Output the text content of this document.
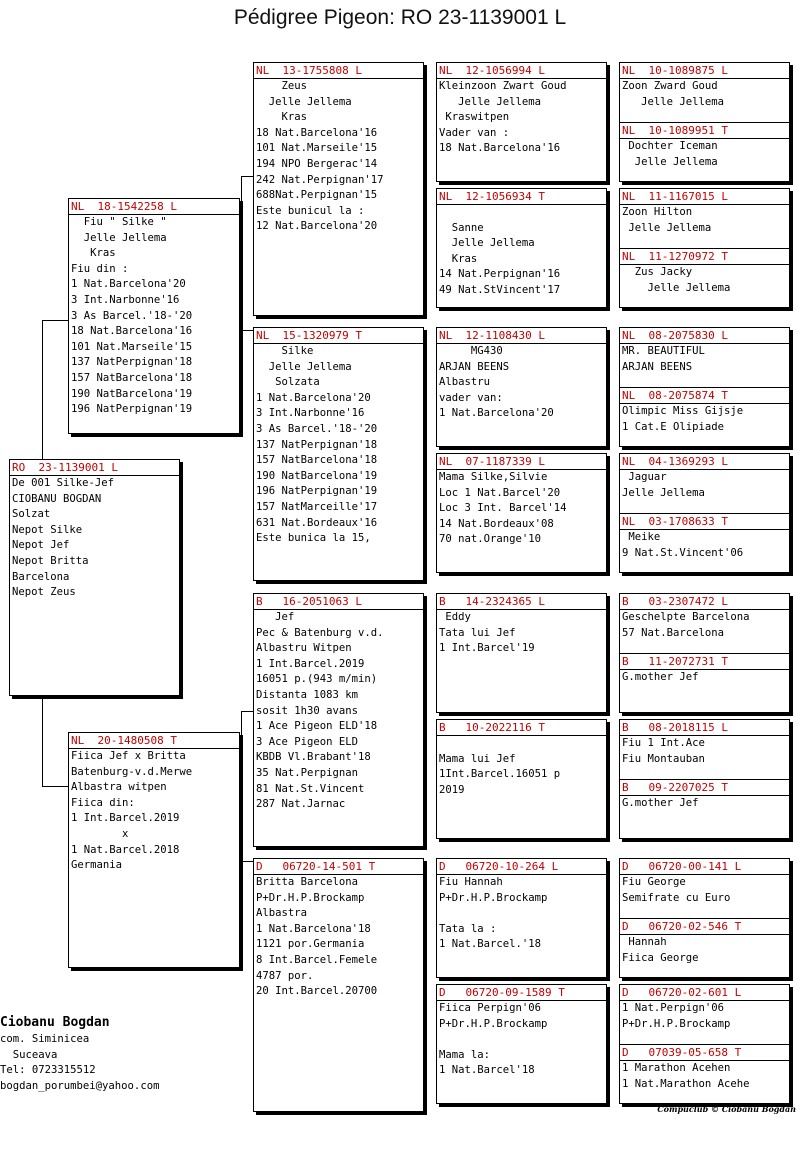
Pédigree Pigeon: RO 23-1139001 L
RO  23-1139001 L
De 001 Silke-Jef
CIOBANU BOGDAN
Solzat
Nepot Silke
Nepot Jef
Nepot Britta
Barcelona
Nepot Zeus
NL  18-1542258 L
Fiu " Silke "
Jelle Jellema
Kras
Fiu din :
1 Nat.Barcelona'20
3 Int.Narbonne'16
3 As Barcel.'18-'20
18 Nat.Barcelona'16
101 Nat.Marseile'15
137 NatPerpignan'18
157 NatBarcelona'18
190 NatBarcelona'19
196 NatPerpignan'19
NL  20-1480508 T
Fiica Jef x Britta
Batenburg-v.d.Merwe
Albastra witpen
Fiica din:
1 Int.Barcel.2019
x
1 Nat.Barcel.2018
Germania
NL  13-1755808 L
Zeus
Jelle Jellema
Kras
18 Nat.Barcelona'16
101 Nat.Marseile'15
194 NPO Bergerac'14
242 Nat.Perpignan'17
688Nat.Perpignan'15
Este bunicul la :
12 Nat.Barcelona'20
NL  15-1320979 T
Silke
Jelle Jellema
Solzata
1 Nat.Barcelona'20
3 Int.Narbonne'16
3 As Barcel.'18-'20
137 NatPerpignan'18
157 NatBarcelona'18
190 NatBarcelona'19
196 NatPerpignan'19
157 NatMarceille'17
631 Nat.Bordeaux'16
Este bunica la 15,
B   16-2051063 L
Jef
Pec & Batenburg v.d.
Albastru Witpen
1 Int.Barcel.2019
16051 p.(943 m/min)
Distanta 1083 km
sosit 1h30 avans
1 Ace Pigeon ELD'18
3 Ace Pigeon ELD
KBDB Vl.Brabant'18
35 Nat.Perpignan
81 Nat.St.Vincent
287 Nat.Jarnac
D   06720-14-501 T
Britta Barcelona
P+Dr.H.P.Brockamp
Albastra
1 Nat.Barcelona'18
1121 por.Germania
8 Int.Barcel.Femele
4787 por.
20 Int.Barcel.20700
NL  12-1056994 L
Kleinzoon Zwart Goud
Jelle Jellema
Kraswitpen
Vader van :
18 Nat.Barcelona'16
NL  12-1056934 T

Sanne
Jelle Jellema
Kras
14 Nat.Perpignan'16
49 Nat.StVincent'17
NL  12-1108430 L
MG430
ARJAN BEENS
Albastru
vader van:
1 Nat.Barcelona'20
NL  07-1187339 L
Mama Silke,Silvie
Loc 1 Nat.Barcel'20
Loc 3 Int. Barcel'14
14 Nat.Bordeaux'08
70 nat.Orange'10
B   14-2324365 L
Eddy
Tata lui Jef
1 Int.Barcel'19
B   10-2022116 T

Mama lui Jef
1Int.Barcel.16051 p
2019
D   06720-10-264 L
Fiu Hannah
P+Dr.H.P.Brockamp

Tata la :
1 Nat.Barcel.'18
D   06720-09-1589 T
Fiica Perpign'06
P+Dr.H.P.Brockamp

Mama la:
1 Nat.Barcel'18
NL  10-1089875 L
Zoon Zward Goud
Jelle Jellema
NL  10-1089951 T
Dochter Iceman
Jelle Jellema
NL  11-1167015 L
Zoon Hilton
Jelle Jellema
NL  11-1270972 T
Zus Jacky
Jelle Jellema
NL  08-2075830 L
MR. BEAUTIFUL
ARJAN BEENS
NL  08-2075874 T
Olimpic Miss Gijsje
1 Cat.E Olipiade
NL  04-1369293 L
Jaguar
Jelle Jellema
NL  03-1708633 T
Meike
9 Nat.St.Vincent'06
B   03-2307472 L
Geschelpte Barcelona
57 Nat.Barcelona
B   11-2072731 T
G.mother Jef
B   08-2018115 L
Fiu 1 Int.Ace
Fiu Montauban
B   09-2207025 T
G.mother Jef
D   06720-00-141 L
Fiu George
Semifrate cu Euro
D   06720-02-546 T
Hannah
Fiica George
D   06720-02-601 L
1 Nat.Perpign'06
P+Dr.H.P.Brockamp
D   07039-05-658 T
1 Marathon Acehen
1 Nat.Marathon Acehe
Ciobanu Bogdan
com. Siminicea
Suceava
Tel: 0723315512
bogdan_porumbei@yahoo.com
Compuclub © Ciobanu Bogdan
